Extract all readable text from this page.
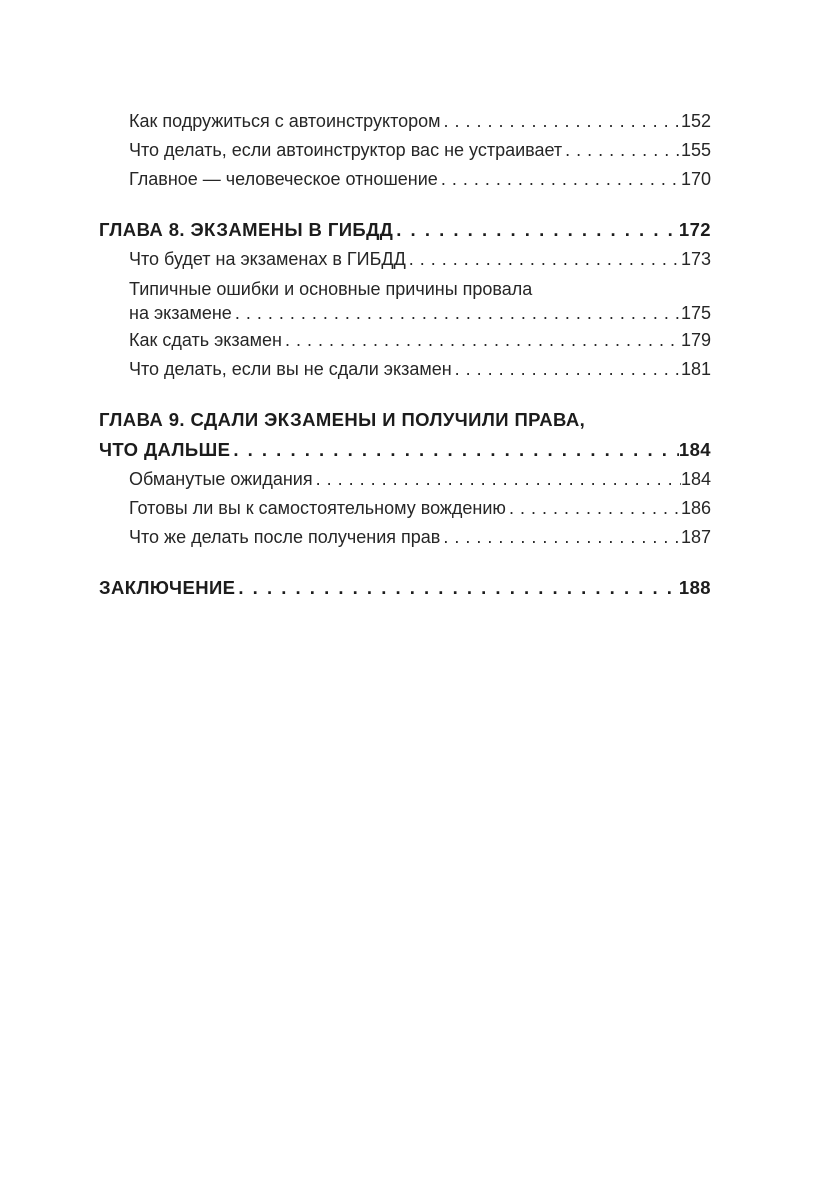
Как подружиться с автоинструктором . . .	152
Что делать, если автоинструктор вас не устраивает . . .	155
Главное — человеческое отношение . . .	170
ГЛАВА 8. ЭКЗАМЕНЫ В ГИБДД . . .	172
Что будет на экзаменах в ГИБДД . . .	173
Типичные ошибки и основные причины провала
на экзамене . . .	175
Как сдать экзамен . . .	179
Что делать, если вы не сдали экзамен . . .	181
ГЛАВА 9. СДАЛИ ЭКЗАМЕНЫ И ПОЛУЧИЛИ ПРАВА,
ЧТО ДАЛЬШЕ . . .	184
Обманутые ожидания . . .	184
Готовы ли вы к самостоятельному вождению . . .	186
Что же делать после получения прав . . .	187
ЗАКЛЮЧЕНИЕ . . .	188
